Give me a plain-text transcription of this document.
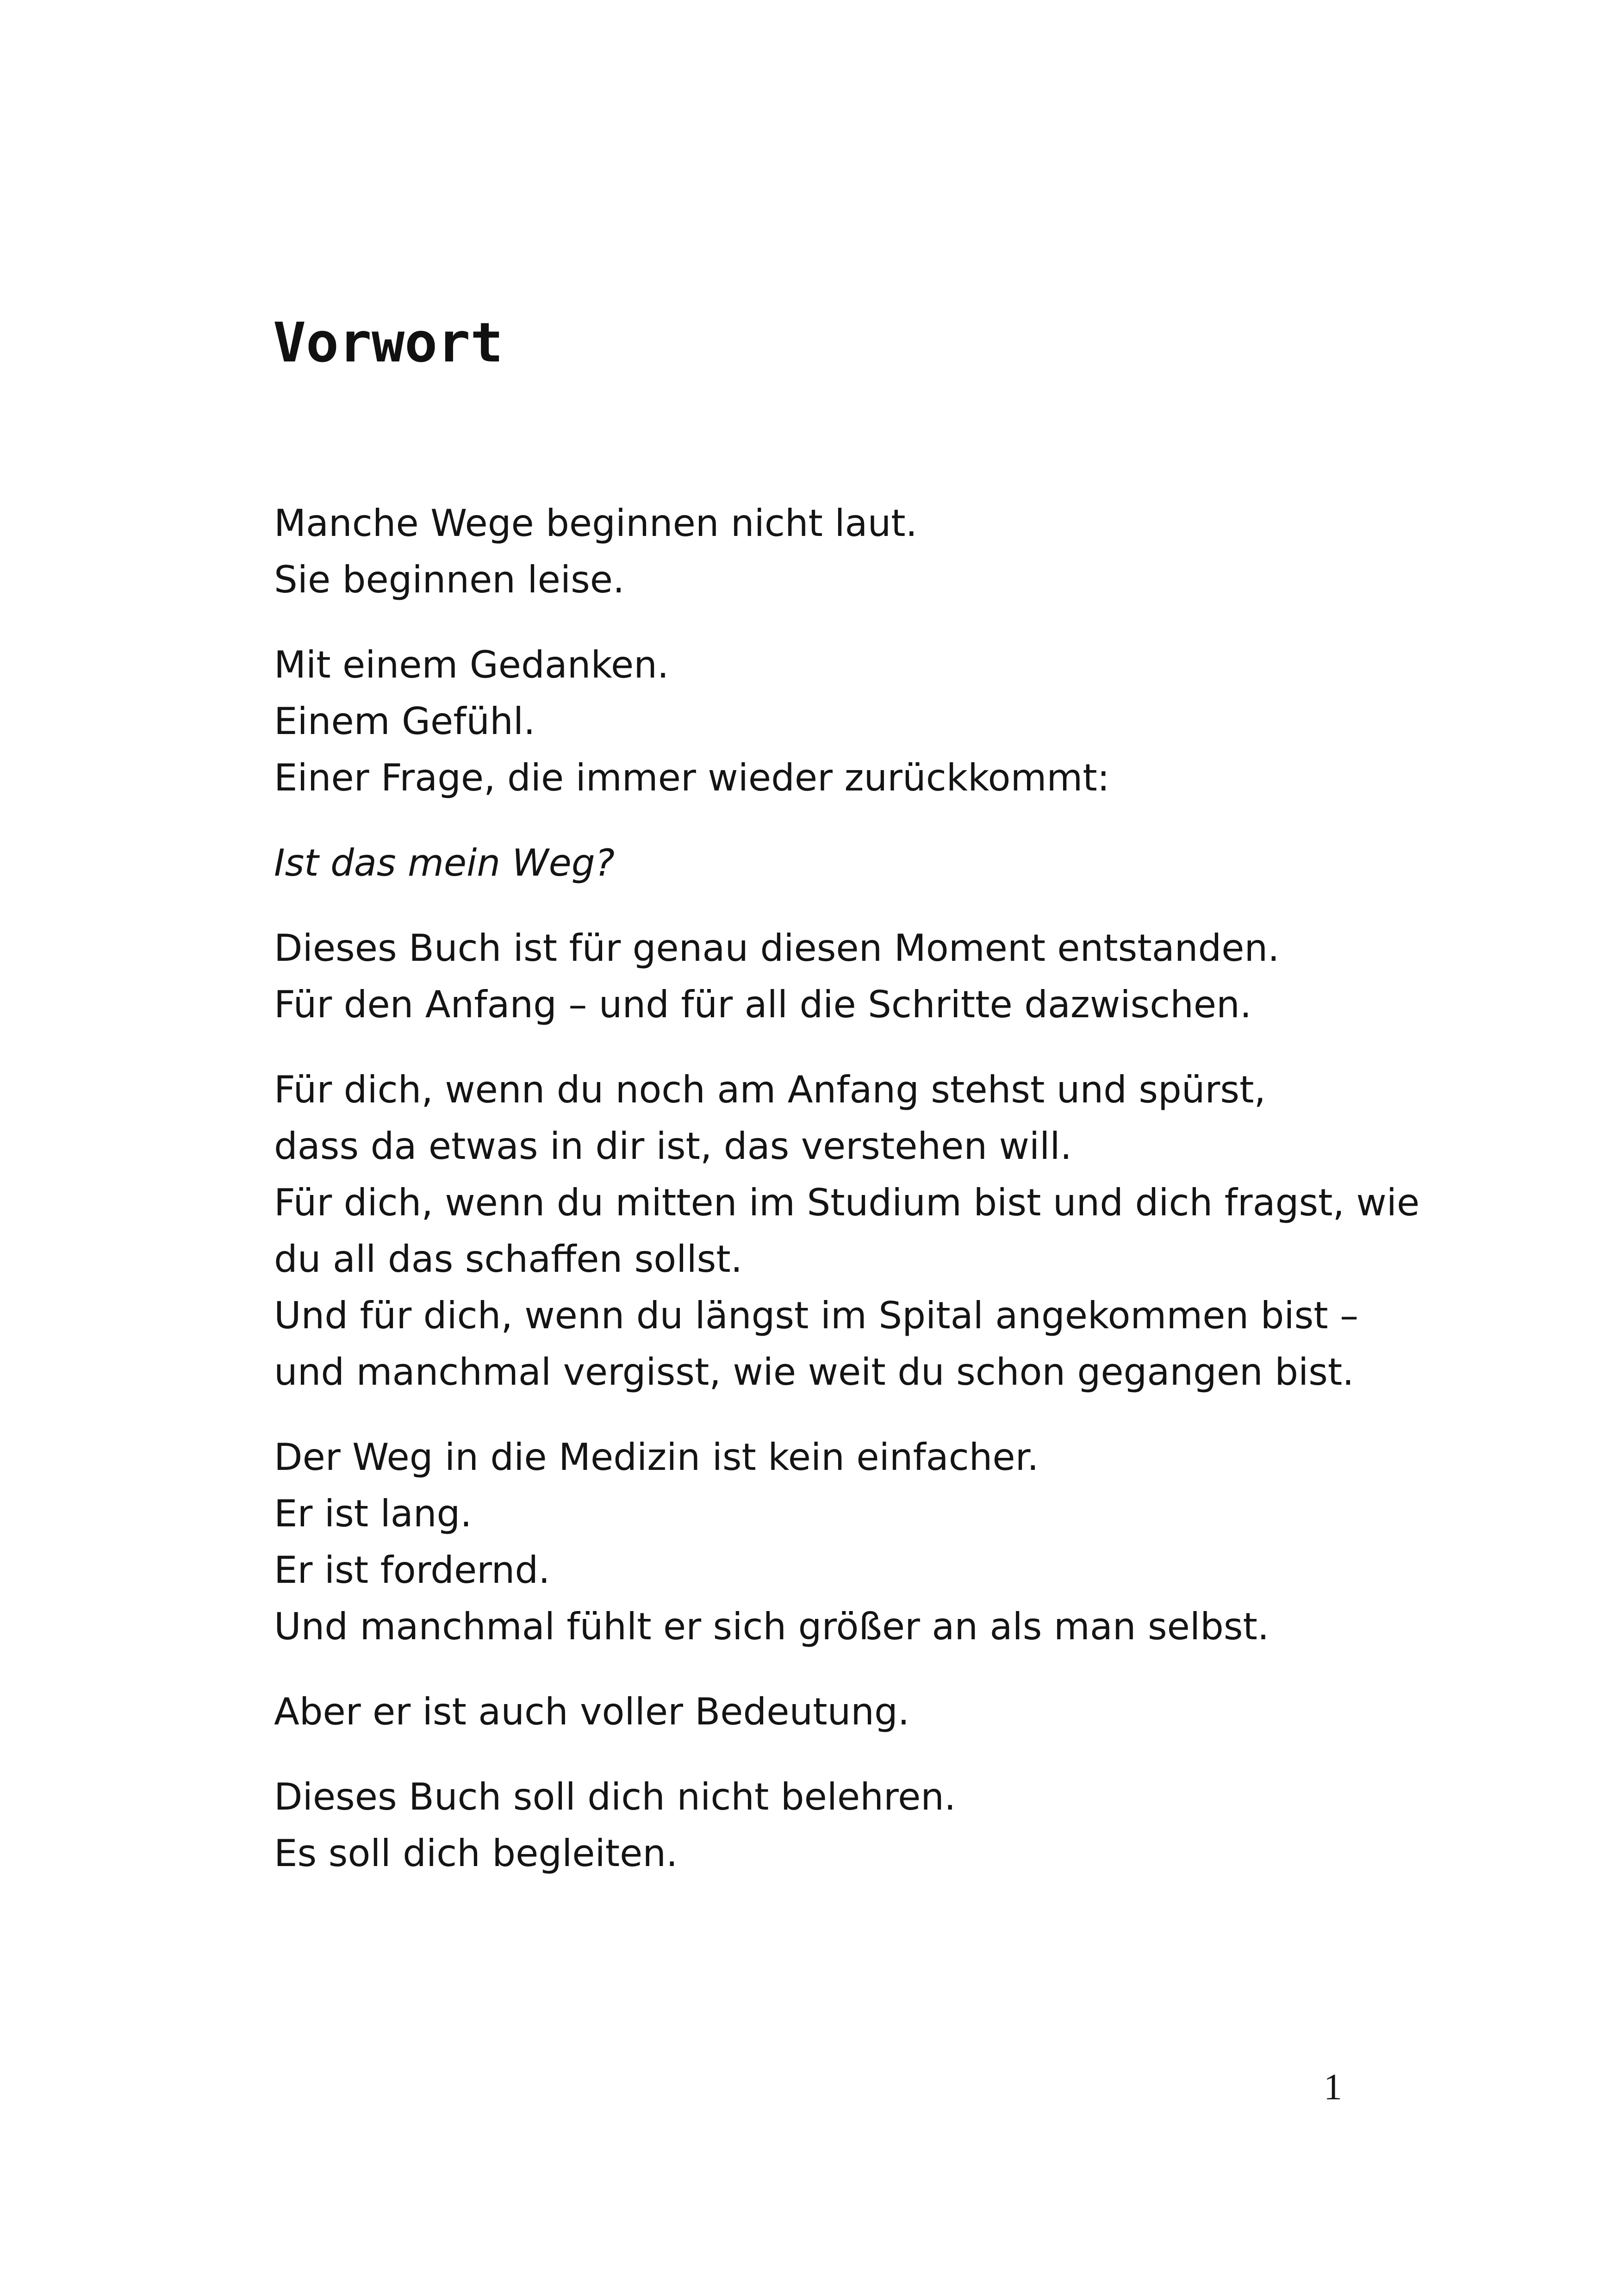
Vorwort

Manche Wege beginnen nicht laut.
Sie beginnen leise.

Mit einem Gedanken.
Einem Gefühl.
Einer Frage, die immer wieder zurückkommt:

Ist das mein Weg?

Dieses Buch ist für genau diesen Moment entstanden.
Für den Anfang – und für all die Schritte dazwischen.

Für dich, wenn du noch am Anfang stehst und spürst,
dass da etwas in dir ist, das verstehen will.
Für dich, wenn du mitten im Studium bist und dich fragst, wie
du all das schaffen sollst.
Und für dich, wenn du längst im Spital angekommen bist –
und manchmal vergisst, wie weit du schon gegangen bist.

Der Weg in die Medizin ist kein einfacher.
Er ist lang.
Er ist fordernd.
Und manchmal fühlt er sich größer an als man selbst.

Aber er ist auch voller Bedeutung.

Dieses Buch soll dich nicht belehren.
Es soll dich begleiten.

1
